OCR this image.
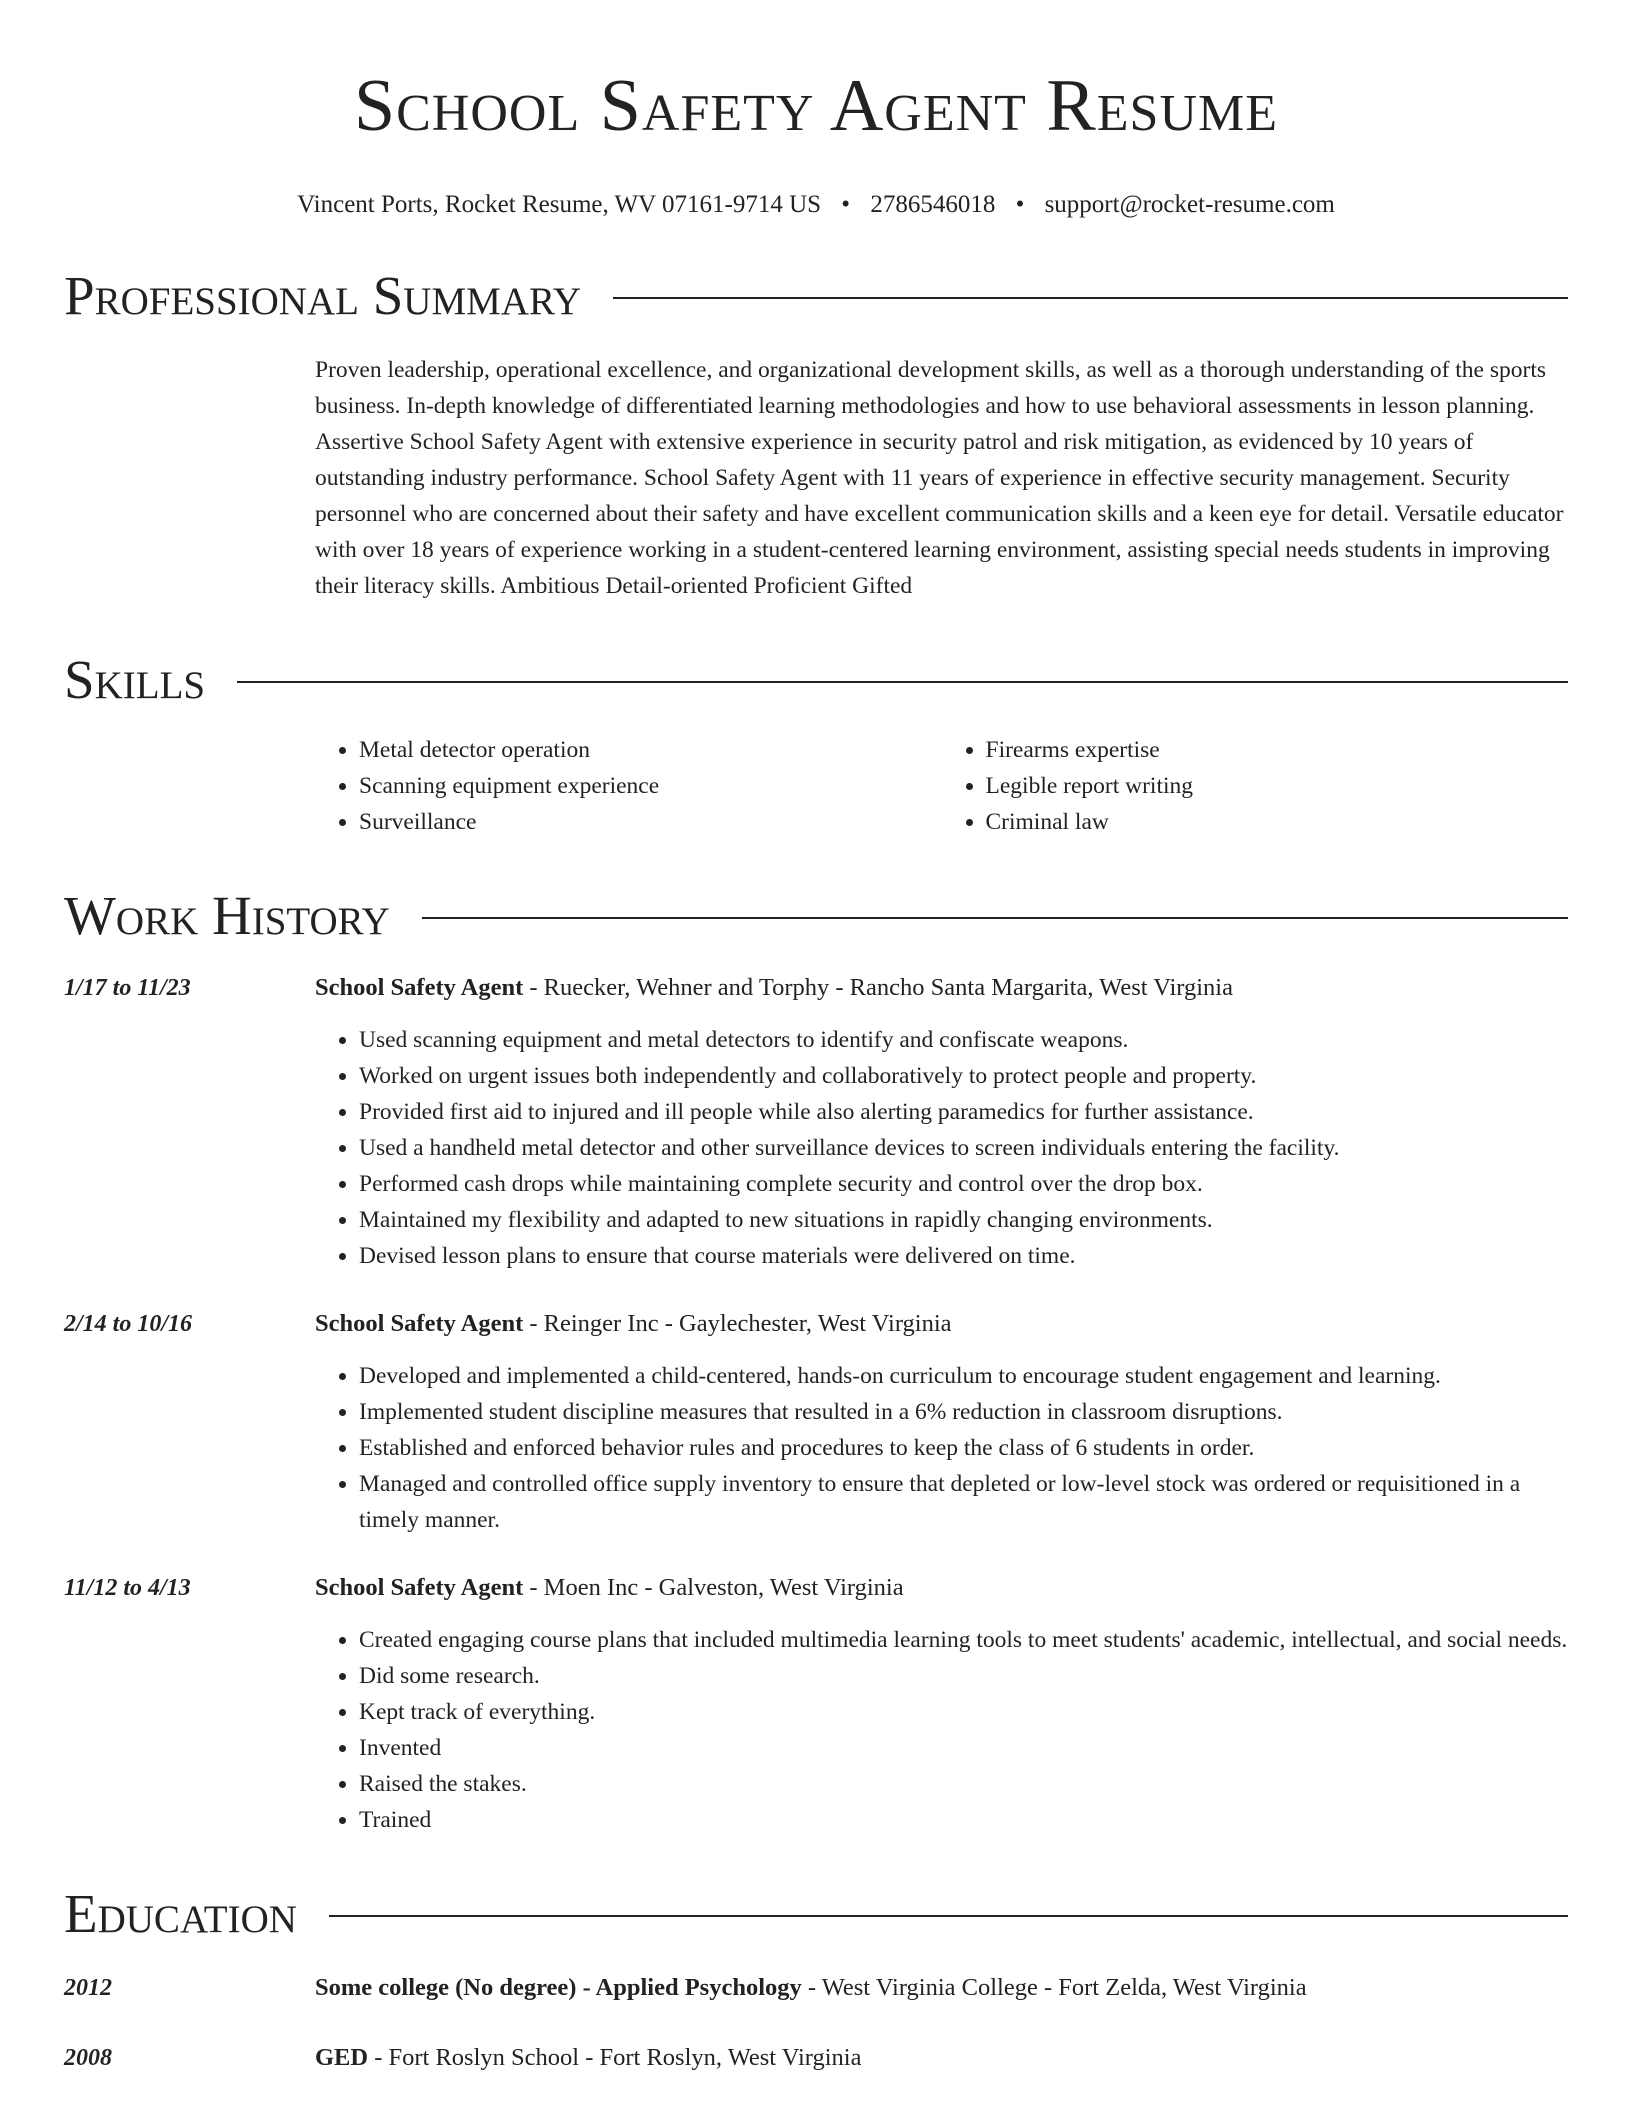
School Safety Agent Resume
Vincent Ports, Rocket Resume, WV 07161-9714 US • 2786546018 • support@rocket-resume.com
Professional Summary
Proven leadership, operational excellence, and organizational development skills, as well as a thorough understanding of the sports business. In-depth knowledge of differentiated learning methodologies and how to use behavioral assessments in lesson planning. Assertive School Safety Agent with extensive experience in security patrol and risk mitigation, as evidenced by 10 years of outstanding industry performance. School Safety Agent with 11 years of experience in effective security management. Security personnel who are concerned about their safety and have excellent communication skills and a keen eye for detail. Versatile educator with over 18 years of experience working in a student-centered learning environment, assisting special needs students in improving their literacy skills. Ambitious Detail-oriented Proficient Gifted
Skills
• Metal detector operation
• Scanning equipment experience
• Surveillance
• Firearms expertise
• Legible report writing
• Criminal law
Work History
1/17 to 11/23	School Safety Agent - Ruecker, Wehner and Torphy - Rancho Santa Margarita, West Virginia
• Used scanning equipment and metal detectors to identify and confiscate weapons.
• Worked on urgent issues both independently and collaboratively to protect people and property.
• Provided first aid to injured and ill people while also alerting paramedics for further assistance.
• Used a handheld metal detector and other surveillance devices to screen individuals entering the facility.
• Performed cash drops while maintaining complete security and control over the drop box.
• Maintained my flexibility and adapted to new situations in rapidly changing environments.
• Devised lesson plans to ensure that course materials were delivered on time.
2/14 to 10/16	School Safety Agent - Reinger Inc - Gaylechester, West Virginia
• Developed and implemented a child-centered, hands-on curriculum to encourage student engagement and learning.
• Implemented student discipline measures that resulted in a 6% reduction in classroom disruptions.
• Established and enforced behavior rules and procedures to keep the class of 6 students in order.
• Managed and controlled office supply inventory to ensure that depleted or low-level stock was ordered or requisitioned in a timely manner.
11/12 to 4/13	School Safety Agent - Moen Inc - Galveston, West Virginia
• Created engaging course plans that included multimedia learning tools to meet students' academic, intellectual, and social needs.
• Did some research.
• Kept track of everything.
• Invented
• Raised the stakes.
• Trained
Education
2012	Some college (No degree) - Applied Psychology - West Virginia College - Fort Zelda, West Virginia
2008	GED - Fort Roslyn School - Fort Roslyn, West Virginia
